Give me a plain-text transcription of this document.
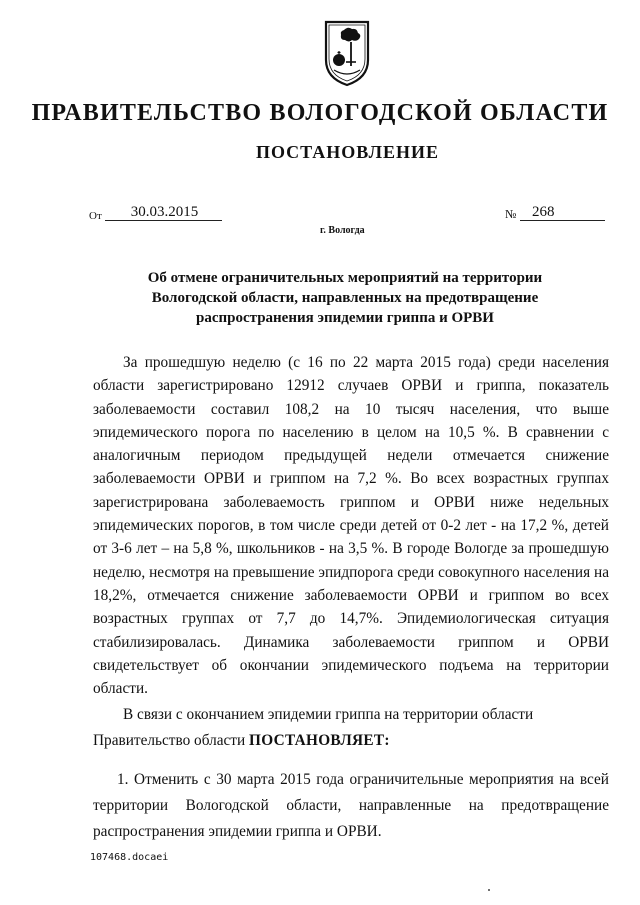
ПРАВИТЕЛЬСТВО ВОЛОГОДСКОЙ ОБЛАСТИ
ПОСТАНОВЛЕНИЕ
От	30.03.2015	№	268
г. Вологда
Об отмене ограничительных мероприятий на территории
Вологодской области, направленных на предотвращение
распространения эпидемии гриппа и ОРВИ

За прошедшую неделю (с 16 по 22 марта 2015 года) среди населения области зарегистрировано 12912 случаев ОРВИ и гриппа, показатель заболеваемости составил 108,2 на 10 тысяч населения, что выше эпидемического порога по населению в целом на 10,5 %. В сравнении с аналогичным периодом предыдущей недели отмечается снижение заболеваемости ОРВИ и гриппом на 7,2 %. Во всех возрастных группах зарегистрирована заболеваемость гриппом и ОРВИ ниже недельных эпидемических порогов, в том числе среди детей от 0-2 лет - на 17,2 %, детей от 3-6 лет – на 5,8 %, школьников - на 3,5 %. В городе Вологде за прошедшую неделю, несмотря на превышение эпидпорога среди совокупного населения на 18,2%, отмечается снижение заболеваемости ОРВИ и гриппом во всех возрастных группах от 7,7 до 14,7%. Эпидемиологическая ситуация стабилизировалась. Динамика заболеваемости гриппом и ОРВИ свидетельствует об окончании эпидемического подъема на территории области.

В связи с окончанием эпидемии гриппа на территории области
Правительство области ПОСТАНОВЛЯЕТ:
1. Отменить с 30 марта 2015 года ограничительные мероприятия на всей территории Вологодской области, направленные на предотвращение распространения эпидемии гриппа и ОРВИ.
107468.docaei
